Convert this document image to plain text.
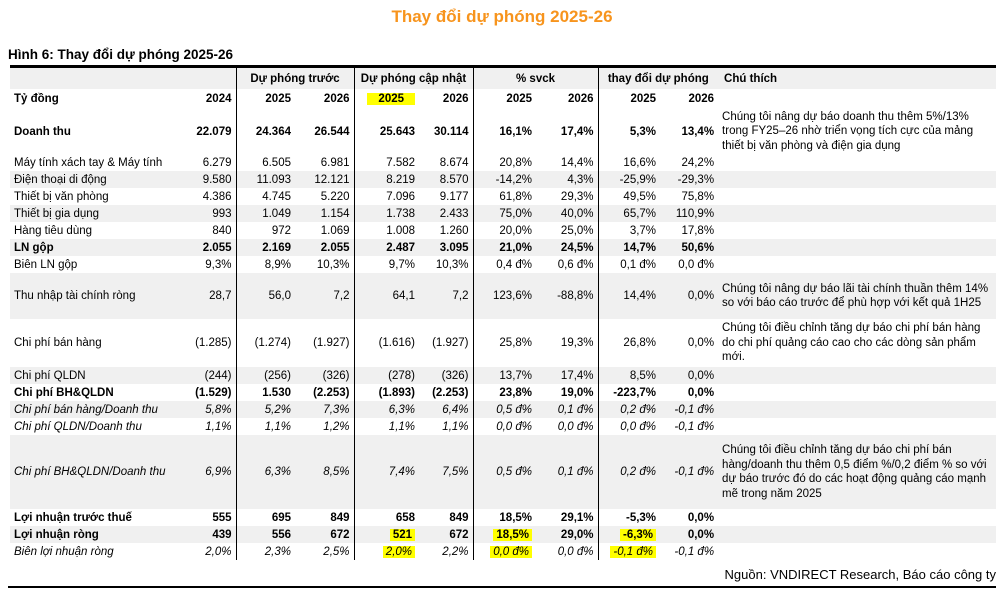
Thay đổi dự phóng 2025-26
Hình 6: Thay đổi dự phóng 2025-26
		Dự phóng trước		Dự phóng cập nhật		% svck		thay đổi dự phóng		Chú thích
Tỷ đồng	2024	2025	2026	2025	2026	2025	2026	2025	2026	
Doanh thu	22.079	24.364	26.544	25.643	30.114	16,1%	17,4%	5,3%	13,4%	Chúng tôi nâng dự báo doanh thu thêm 5%/13% trong FY25–26 nhờ triển vọng tích cực của mảng thiết bị văn phòng và điện gia dụng
Máy tính xách tay & Máy tính	6.279	6.505	6.981	7.582	8.674	20,8%	14,4%	16,6%	24,2%	
Điện thoại di động	9.580	11.093	12.121	8.219	8.570	-14,2%	4,3%	-25,9%	-29,3%	
Thiết bị văn phòng	4.386	4.745	5.220	7.096	9.177	61,8%	29,3%	49,5%	75,8%	
Thiết bị gia dụng	993	1.049	1.154	1.738	2.433	75,0%	40,0%	65,7%	110,9%	
Hàng tiêu dùng	840	972	1.069	1.008	1.260	20,0%	25,0%	3,7%	17,8%	
LN gộp	2.055	2.169	2.055	2.487	3.095	21,0%	24,5%	14,7%	50,6%	
Biên LN gộp	9,3%	8,9%	10,3%	9,7%	10,3%	0,4 đ%	0,6 đ%	0,1 đ%	0,0 đ%	
Thu nhập tài chính ròng	28,7	56,0	7,2	64,1	7,2	123,6%	-88,8%	14,4%	0,0%	Chúng tôi nâng dự báo lãi tài chính thuần thêm 14% so với báo cáo trước để phù hợp với kết quả 1H25
Chi phí bán hàng	(1.285)	(1.274)	(1.927)	(1.616)	(1.927)	25,8%	19,3%	26,8%	0,0%	Chúng tôi điều chỉnh tăng dự báo chi phí bán hàng do chi phí quảng cáo cao cho các dòng sản phẩm mới.
Chi phí QLDN	(244)	(256)	(326)	(278)	(326)	13,7%	17,4%	8,5%	0,0%	
Chi phí BH&QLDN	(1.529)	1.530	(2.253)	(1.893)	(2.253)	23,8%	19,0%	-223,7%	0,0%	
Chi phí bán hàng/Doanh thu	5,8%	5,2%	7,3%	6,3%	6,4%	0,5 đ%	0,1 đ%	0,2 đ%	-0,1 đ%	
Chi phí QLDN/Doanh thu	1,1%	1,1%	1,2%	1,1%	1,1%	0,0 đ%	0,0 đ%	0,0 đ%	-0,1 đ%	
Chi phí BH&QLDN/Doanh thu	6,9%	6,3%	8,5%	7,4%	7,5%	0,5 đ%	0,1 đ%	0,2 đ%	-0,1 đ%	Chúng tôi điều chỉnh tăng dự báo chi phí bán hàng/doanh thu thêm 0,5 điểm %/0,2 điểm % so với dự báo trước đó do các hoạt động quảng cáo mạnh mẽ trong năm 2025
Lợi nhuận trước thuế	555	695	849	658	849	18,5%	29,1%	-5,3%	0,0%	
Lợi nhuận ròng	439	556	672	521	672	18,5%	29,0%	-6,3%	0,0%	
Biên lợi nhuận ròng	2,0%	2,3%	2,5%	2,0%	2,2%	0,0 đ%	0,0 đ%	-0,1 đ%	-0,1 đ%	
Nguồn: VNDIRECT Research, Báo cáo công ty
